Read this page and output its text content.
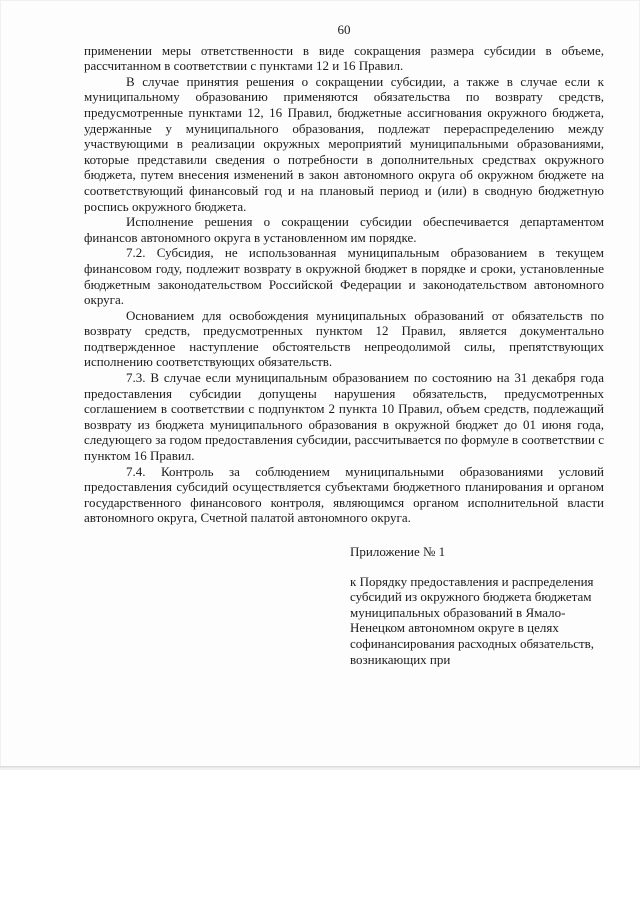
60

применении меры ответственности в виде сокращения размера субсидии в объеме, рассчитанном в соответствии с пунктами 12 и 16 Правил.

В случае принятия решения о сокращении субсидии, а также в случае если к муниципальному образованию применяются обязательства по возврату средств, предусмотренные пунктами 12, 16 Правил, бюджетные ассигнования окружного бюджета, удержанные у муниципального образования, подлежат перераспределению между участвующими в реализации окружных мероприятий муниципальными образованиями, которые представили сведения о потребности в дополнительных средствах окружного бюджета, путем внесения изменений в закон автономного округа об окружном бюджете на соответствующий финансовый год и на плановый период и (или) в сводную бюджетную роспись окружного бюджета.

Исполнение решения о сокращении субсидии обеспечивается департаментом финансов автономного округа в установленном им порядке.

7.2. Субсидия, не использованная муниципальным образованием в текущем финансовом году, подлежит возврату в окружной бюджет в порядке и сроки, установленные бюджетным законодательством Российской Федерации и законодательством автономного округа.

Основанием для освобождения муниципальных образований от обязательств по возврату средств, предусмотренных пунктом 12 Правил, является документально подтвержденное наступление обстоятельств непреодолимой силы, препятствующих исполнению соответствующих обязательств.

7.3. В случае если муниципальным образованием по состоянию на 31 декабря года предоставления субсидии допущены нарушения обязательств, предусмотренных соглашением в соответствии с подпунктом 2 пункта 10 Правил, объем средств, подлежащий возврату из бюджета муниципального образования в окружной бюджет до 01 июня года, следующего за годом предоставления субсидии, рассчитывается по формуле в соответствии с пунктом 16 Правил.

7.4. Контроль за соблюдением муниципальными образованиями условий предоставления субсидий осуществляется субъектами бюджетного планирования и органом государственного финансового контроля, являющимся органом исполнительной власти автономного округа, Счетной палатой автономного округа.

Приложение № 1

к Порядку предоставления и распределения субсидий из окружного бюджета бюджетам муниципальных образований в Ямало-Ненецком автономном округе в целях софинансирования расходных обязательств, возникающих при
